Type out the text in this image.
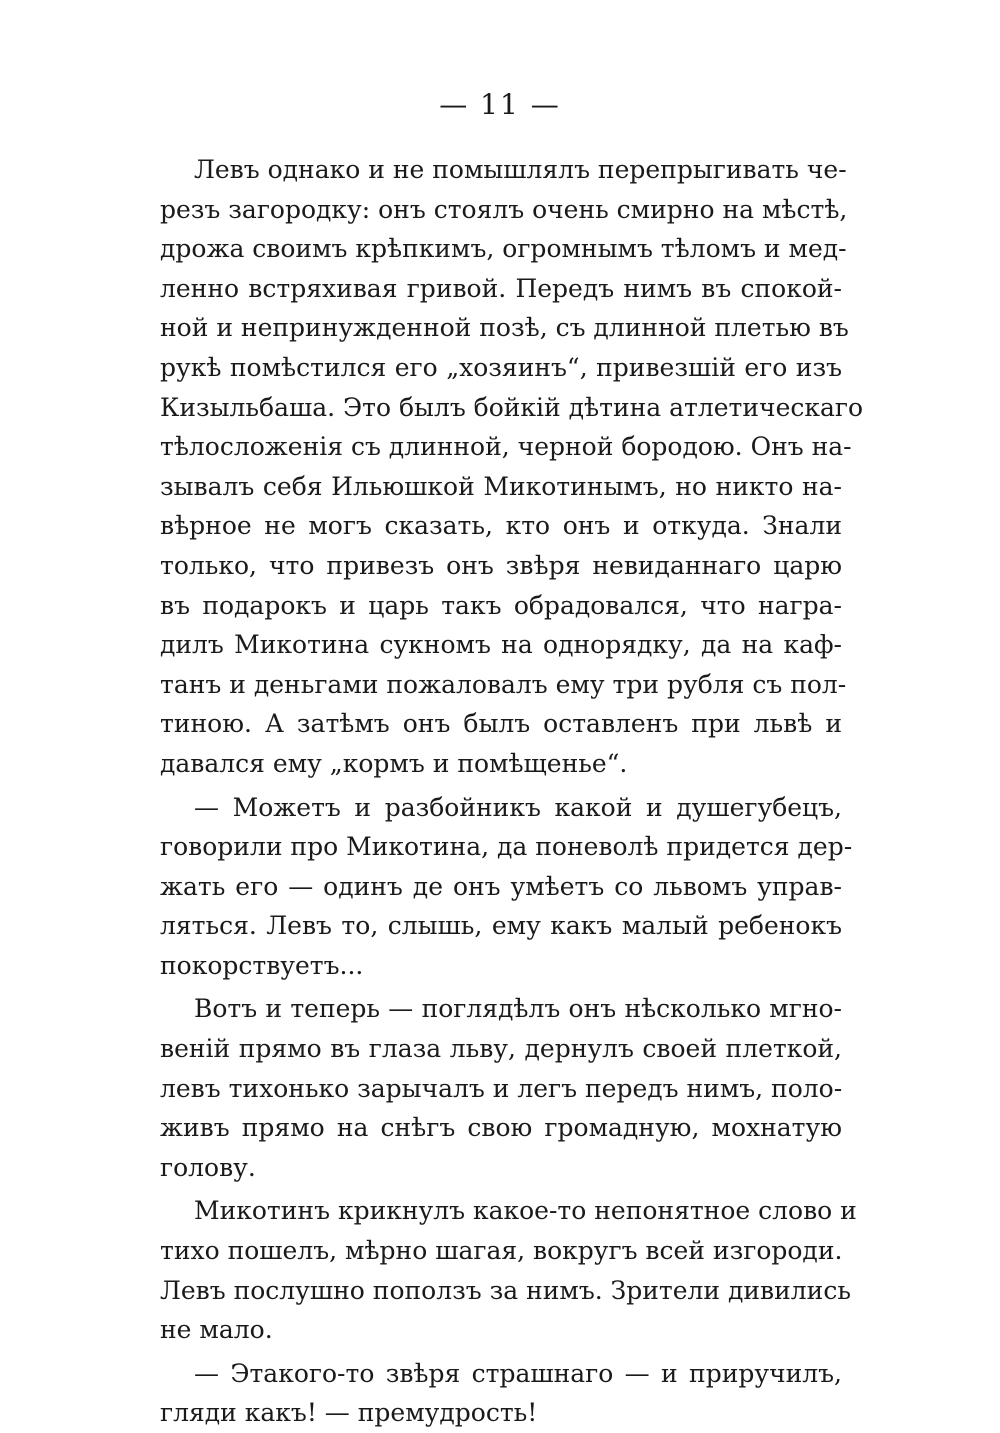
— 11 —
Левъ однако и не помышлялъ перепрыгивать че-
резъ загородку: онъ стоялъ очень смирно на мѣстѣ,
дрожа своимъ крѣпкимъ, огромнымъ тѣломъ и мед-
ленно встряхивая гривой. Передъ нимъ въ спокой-
ной и непринужденной позѣ, съ длинной плетью въ
рукѣ помѣстился его „хозяинъ“, привезшій его изъ
Кизыльбаша. Это былъ бойкій дѣтина атлетическаго
тѣлосложенія съ длинной, черной бородою. Онъ на-
зывалъ себя Ильюшкой Микотинымъ, но никто на-
вѣрное не могъ сказать, кто онъ и откуда. Знали
только, что привезъ онъ звѣря невиданнаго царю
въ подарокъ и царь такъ обрадовался, что награ-
дилъ Микотина сукномъ на однорядку, да на каф-
танъ и деньгами пожаловалъ ему три рубля съ пол-
тиною. А затѣмъ онъ былъ оставленъ при львѣ и
давался ему „кормъ и помѣщенье“.
— Можетъ и разбойникъ какой и душегубецъ,
говорили про Микотина, да поневолѣ придется дер-
жать его — одинъ де онъ умѣетъ со львомъ управ-
ляться. Левъ то, слышь, ему какъ малый ребенокъ
покорствуетъ...
Вотъ и теперь — поглядѣлъ онъ нѣсколько мгно-
веній прямо въ глаза льву, дернулъ своей плеткой,
левъ тихонько зарычалъ и легъ передъ нимъ, поло-
живъ прямо на снѣгъ свою громадную, мохнатую
голову.
Микотинъ крикнулъ какое-то непонятное слово и
тихо пошелъ, мѣрно шагая, вокругъ всей изгороди.
Левъ послушно поползъ за нимъ. Зрители дивились
не мало.
— Этакого-то звѣря страшнаго — и приручилъ,
гляди какъ! — премудрость!
